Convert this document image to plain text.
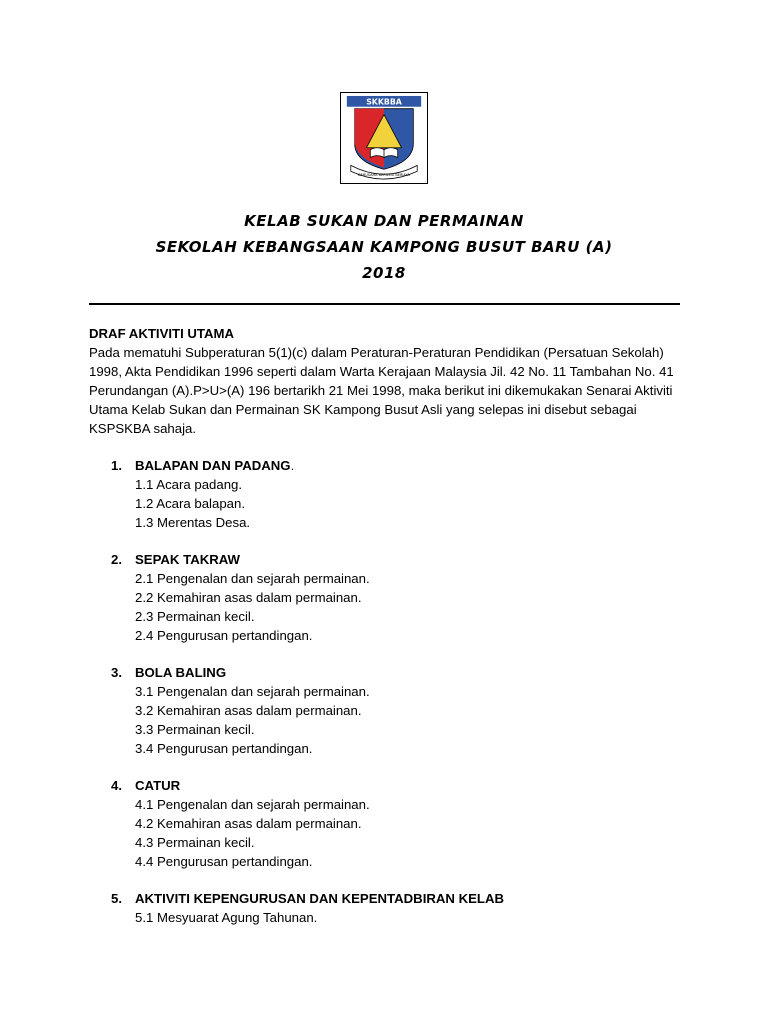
SKKBBA
BERUSAHA BERILMU BERJAYA
KELAB SUKAN DAN PERMAINAN
SEKOLAH KEBANGSAAN KAMPONG BUSUT BARU (A)
2018
DRAF AKTIVITI UTAMA

Pada mematuhi Subperaturan 5(1)(c) dalam Peraturan-Peraturan Pendidikan (Persatuan Sekolah) 1998, Akta Pendidikan 1996 seperti dalam Warta Kerajaan Malaysia Jil. 42 No. 11 Tambahan No. 41 Perundangan (A).P>U>(A) 196 bertarikh 21 Mei 1998, maka berikut ini dikemukakan Senarai Aktiviti Utama Kelab Sukan dan Permainan SK Kampong Busut Asli yang selepas ini disebut sebagai KSPSKBA sahaja.

1. BALAPAN DAN PADANG .
1.1 Acara padang.
1.2 Acara balapan.
1.3 Merentas Desa.
2. SEPAK TAKRAW
2.1 Pengenalan dan sejarah permainan.
2.2 Kemahiran asas dalam permainan.
2.3 Permainan kecil.
2.4 Pengurusan pertandingan.
3. BOLA BALING
3.1 Pengenalan dan sejarah permainan.
3.2 Kemahiran asas dalam permainan.
3.3 Permainan kecil.
3.4 Pengurusan pertandingan.
4. CATUR
4.1 Pengenalan dan sejarah permainan.
4.2 Kemahiran asas dalam permainan.
4.3 Permainan kecil.
4.4 Pengurusan pertandingan.
5. AKTIVITI KEPENGURUSAN DAN KEPENTADBIRAN KELAB
5.1 Mesyuarat Agung Tahunan.
